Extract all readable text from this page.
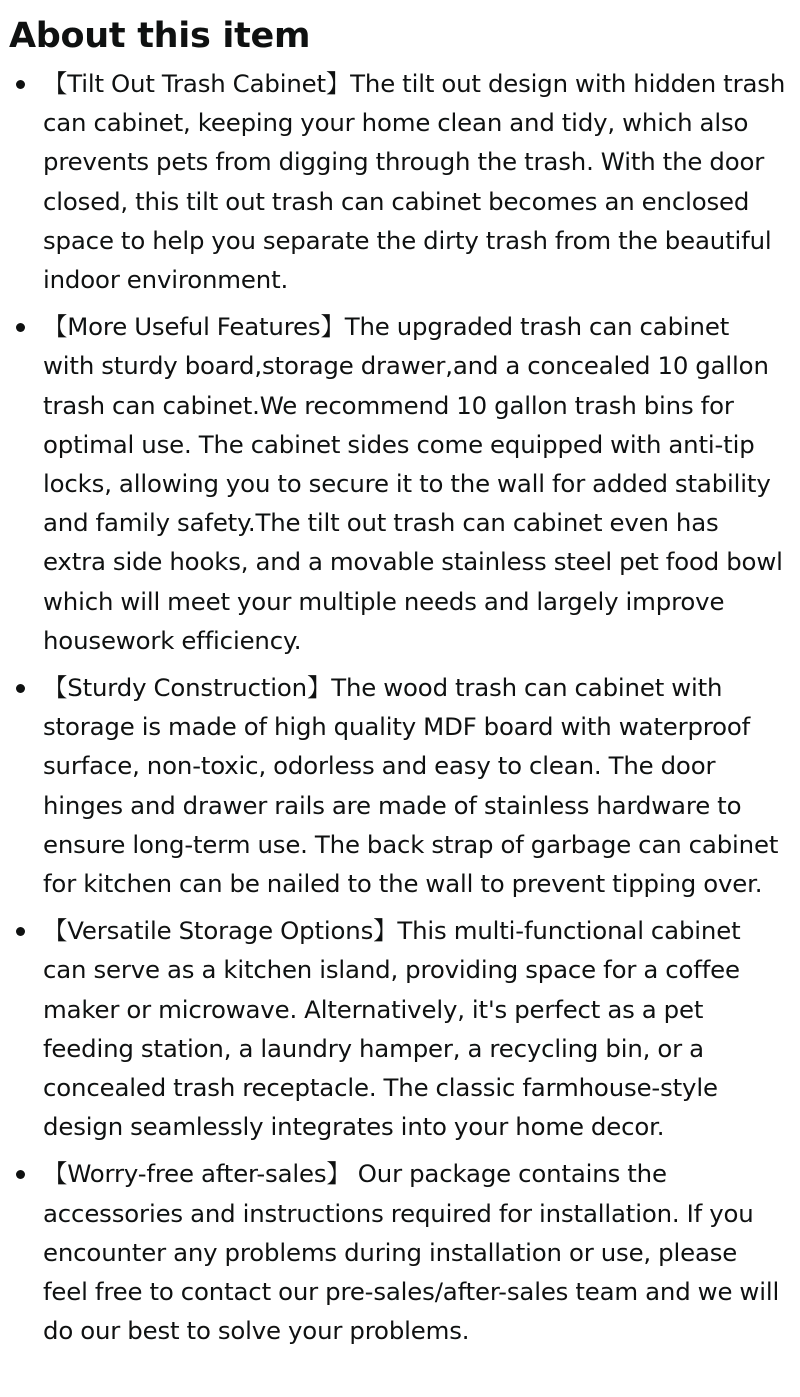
About this item
【Tilt Out Trash Cabinet】The tilt out design with hidden trash can cabinet, keeping your home clean and tidy, which also prevents pets from digging through the trash. With the door closed, this tilt out trash can cabinet becomes an enclosed space to help you separate the dirty trash from the beautiful indoor environment.
【More Useful Features】The upgraded trash can cabinet with sturdy board,storage drawer,and a concealed 10 gallon trash can cabinet.We recommend 10 gallon trash bins for optimal use. The cabinet sides come equipped with anti-tip locks, allowing you to secure it to the wall for added stability and family safety.The tilt out trash can cabinet even has extra side hooks, and a movable stainless steel pet food bowl which will meet your multiple needs and largely improve housework efficiency.
【Sturdy Construction】The wood trash can cabinet with storage is made of high quality MDF board with waterproof surface, non-toxic, odorless and easy to clean. The door hinges and drawer rails are made of stainless hardware to ensure long-term use. The back strap of garbage can cabinet for kitchen can be nailed to the wall to prevent tipping over.
【Versatile Storage Options】This multi-functional cabinet can serve as a kitchen island, providing space for a coffee maker or microwave. Alternatively, it's perfect as a pet feeding station, a laundry hamper, a recycling bin, or a concealed trash receptacle. The classic farmhouse-style design seamlessly integrates into your home decor.
【Worry-free after-sales】 Our package contains the accessories and instructions required for installation. If you encounter any problems during installation or use, please feel free to contact our pre-sales/after-sales team and we will do our best to solve your problems.
